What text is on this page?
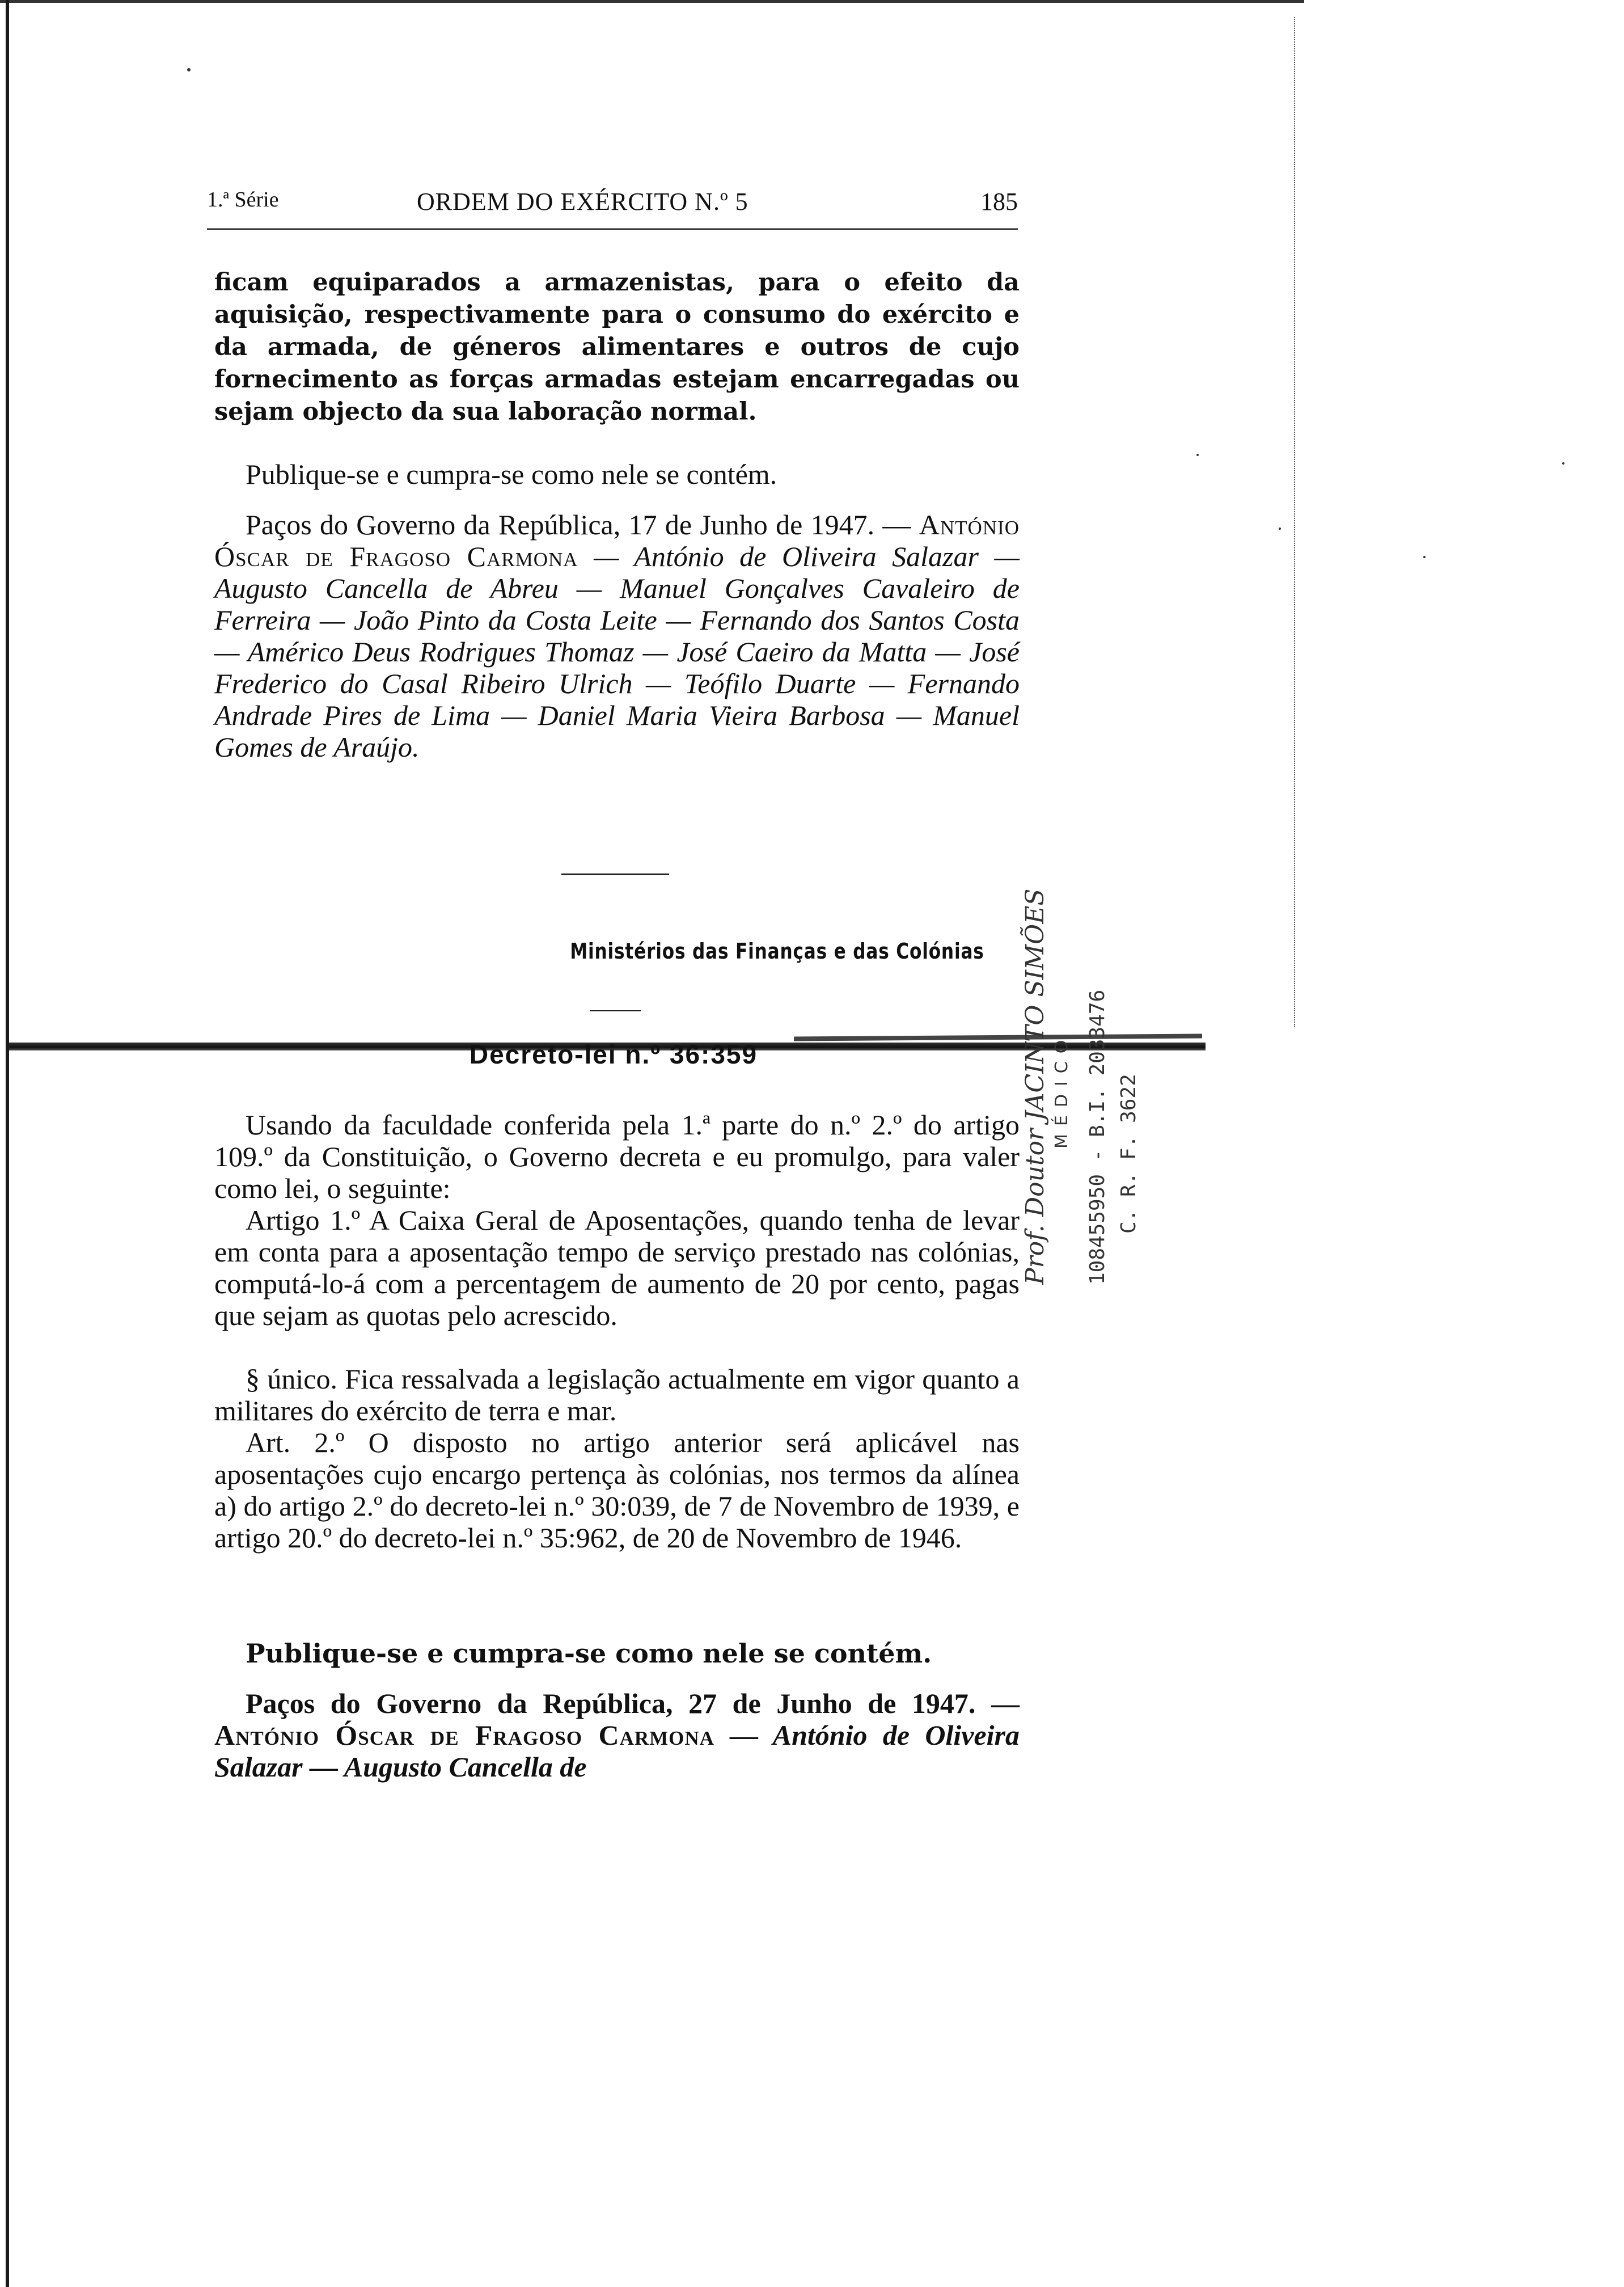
1.ª Série	ORDEM DO EXÉRCITO N.º 5	185
ficam equiparados a armazenistas, para o efeito da aquisição, respectivamente para o consumo do exército e da armada, de géneros alimentares e outros de cujo fornecimento as forças armadas estejam encarregadas ou sejam objecto da sua laboração normal.
Publique-se e cumpra-se como nele se contém.
Paços do Governo da República, 17 de Junho de 1947. — António Óscar de Fragoso Carmona — António de Oliveira Salazar — Augusto Cancella de Abreu — Manuel Gonçalves Cavaleiro de Ferreira — João Pinto da Costa Leite — Fernando dos Santos Costa — Américo Deus Rodrigues Thomaz — José Caeiro da Matta — José Frederico do Casal Ribeiro Ulrich — Teófilo Duarte — Fernando Andrade Pires de Lima — Daniel Maria Vieira Barbosa — Manuel Gomes de Araújo.
Ministérios das Finanças e das Colónias
Decreto-lei n.º 36:359
Usando da faculdade conferida pela 1.ª parte do n.º 2.º do artigo 109.º da Constituição, o Governo decreta e eu promulgo, para valer como lei, o seguinte:
Artigo 1.º A Caixa Geral de Aposentações, quando tenha de levar em conta para a aposentação tempo de serviço prestado nas colónias, computá-lo-á com a percentagem de aumento de 20 por cento, pagas que sejam as quotas pelo acrescido.
§ único. Fica ressalvada a legislação actualmente em vigor quanto a militares do exército de terra e mar.
Art. 2.º O disposto no artigo anterior será aplicável nas aposentações cujo encargo pertença às colónias, nos termos da alínea a) do artigo 2.º do decreto-lei n.º 30:039, de 7 de Novembro de 1939, e artigo 20.º do decreto-lei n.º 35:962, de 20 de Novembro de 1946.
Publique-se e cumpra-se como nele se contém.
Paços do Governo da República, 27 de Junho de 1947. — António Óscar de Fragoso Carmona — António de Oliveira Salazar — Augusto Cancella de
Prof. Doutor JACINTO SIMÕES MÉDICO 108455950 - B.I. 2033476 C. R. F. 3622
